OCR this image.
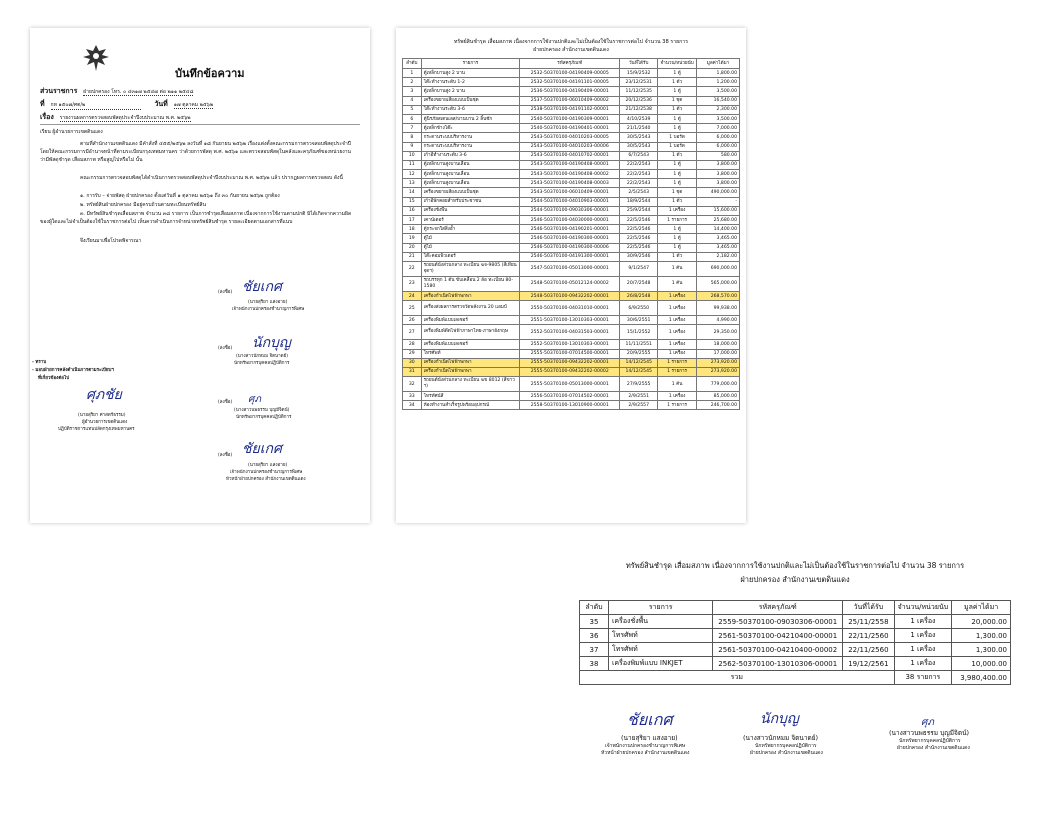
บันทึกข้อความ
ส่วนราชการ ฝ่ายปกครอง โทร. ๐ ๔๓๑๗ ๒๕๔๗ ต่อ ๒๑๑ ๒๕๔๘
ที่ กท ๑๕๐๗/ศต/๒	วันที่ ๑๗ ตุลาคม ๒๕๖๒
เรื่อง รายงานผลการตรวจสอบพัสดุประจำปีงบประมาณ พ.ศ. ๒๕๖๒
เรียน ผู้อำนวยการเขตดินแดง
ตามที่สำนักงานเขตดินแดง มีคำสั่งที่ ๔๕๕/๒๕๖๒ ลงวันที่ ๑๘ กันยายน ๒๕๖๒ เรื่องแต่งตั้งคณะกรรมการตรวจสอบพัสดุประจำปี โดยให้คณะกรรมการมีอำนาจหน้าที่ตามระเบียบกรุงเทพมหานคร ว่าด้วยการพัสดุ พ.ศ. ๒๕๖๑ และตรวจสอบพัสดุในคลังและครุภัณฑ์ของหน่วยงาน ว่ามีพัสดุชำรุด เสื่อมสภาพ หรือสูญไปหรือไม่ นั้น
คณะกรรมการตรวจสอบพัสดุได้ดำเนินการตรวจสอบพัสดุประจำปีงบประมาณ พ.ศ. ๒๕๖๒ แล้ว ปรากฏผลการตรวจสอบ ดังนี้
๑. การรับ – จ่ายพัสดุ ฝ่ายปกครอง ตั้งแต่วันที่ ๑ ตุลาคม ๒๕๖๑ ถึง ๓๐ กันยายน ๒๕๖๒ ถูกต้อง
๒. ทรัพย์สินฝ่ายปกครอง มีอยู่ครบถ้วนตามทะเบียนทรัพย์สิน
๓. มีทรัพย์สินชำรุดเสื่อมสภาพ จำนวน ๓๘ รายการ เป็นการชำรุดเสื่อมสภาพ เนื่องจากการใช้งานตามปกติ มิได้เกิดจากความผิดของผู้ใดและไม่จำเป็นต้องใช้ในราชการต่อไป เห็นควรดำเนินการจำหน่ายทรัพย์สินชำรุด รายละเอียดตามเอกสารที่แนบ
จึงเรียนมาเพื่อโปรดพิจารณา
(ลงชื่อ) ชัยเกศ
(นายสุริยา แสงอาย)
เจ้าพนักงานปกครองชำนาญการพิเศษ
(ลงชื่อ) นักบุญ
(นางสาวนักหมม จิตนาดย์)
นักทรัพยากรบุคคลปฏิบัติการ
- ทราบ
- มอบฝ่ายการคลังดำเนินการตามระเบียบฯ
ที่เกี่ยวข้องต่อไป
ศุภชัย
(นายสุริยา ศาสตร์ธรรม)
ผู้อำนวยการเขตดินแดง
ปฏิบัติราชการแทนปลัดกรุงเทพมหานคร
(ลงชื่อ) ศุภ
(นางสาวนพธรรม บุญมีจิตน์)
นักทรัพยากรบุคคลปฏิบัติการ
(ลงชื่อ) ชัยเกศ
(นายสุริยา แสงอาย)
เจ้าพนักงานปกครองชำนาญการพิเศษ
หัวหน้าฝ่ายปกครอง สำนักงานเขตดินแดง
ทรัพย์สินชำรุด เสื่อมสภาพ เนื่องจากการใช้งานปกติและไม่เป็นต้องใช้ในราชการต่อไป จำนวน 38 รายการ
ฝ่ายปกครอง สำนักงานเขตดินแดง
ลำดับ	รายการ	รหัสครุภัณฑ์	วันที่ได้รับ	จำนวน/หน่วยนับ	มูลค่าได้มา
1	ตู้เหล็กบานสูง 2 บาน	2532-50370100-04190409-00005	15/9/2532	1 ตู้	1,800.00
2	โต๊ะทำงานระดับ 1-2	2532-50370100-04191101-00005	23/12/2531	1 ตัว	1,200.00
3	ตู้เหล็กบานสูง 2 บาน	2536-50370100-04190409-00001	11/12/2535	1 ตู้	3,500.00
4	เครื่องขยายเสียงแบบเป็นชุด	2537-50370100-06010409-00002	20/12/2536	1 ชุด	16,540.00
5	โต๊ะทำงานระดับ 3-6	2538-50370100-04191102-00001	21/12/2538	1 ตัว	2,300.00
6	ตู้นิรภัยสเตนเลส/บานบาน 2 ลิ้นชัก	2540-50370100-04190309-00001	4/10/2539	1 ตู้	3,500.00
7	ตู้เหล็กข้างโต๊ะ	2540-50370100-04190401-00001	21/1/2540	1 ตู้	7,000.00
8	กระดานระบบบริหารงาน	2543-50370100-04010203-00005	30/5/2543	1 บอร์ด	6,000.00
9	กระดานระบบบริหารงาน	2543-50370100-04010203-00006	30/5/2543	1 บอร์ด	6,000.00
10	เก้าอี้ทำงานระดับ 3-6	2543-50370100-04010702-00001	6/7/2543	1 ตัว	580.00
11	ตู้เหล็กบานสูงบานเลื่อน	2543-50370100-04190408-00001	22/2/2543	1 ตู้	3,800.00
12	ตู้เหล็กบานสูงบานเลื่อน	2543-50370100-04190408-00002	22/2/2543	1 ตู้	3,800.00
13	ตู้เหล็กบานสูงบานเลื่อน	2543-50370100-04190408-00003	22/2/2543	1 ตู้	3,800.00
14	เครื่องขยายเสียงแบบเป็นชุด	2543-50370100-06010409-00001	2/5/2543	1 ชุด	490,000.00
15	เก้าอี้พักคอยสำหรับประชาชน	2544-50370100-04010903-00001	18/9/2544	1 ตัว	-
16	เครื่องชั่งพื้น	2544-50370100-09030306-00001	25/9/2544	1 เครื่อง	15,600.00
17	เคาน์เตอร์	2546-50370100-04030000-00001	22/5/2546	1 รายการ	25,680.00
18	ตู้กระจกใส่สิ่งอ้ำ	2546-50370100-04190201-00001	22/5/2546	1 ตู้	14,400.00
19	ตู้ไม้	2546-50370100-04190300-00001	22/5/2546	1 ตู้	3,465.00
20	ตู้ไม้	2546-50370100-04190300-00006	22/5/2546	1 ตู้	3,465.00
21	โต๊ะคอมพิวเตอร์	2546-50370100-04191300-00001	30/9/2546	1 ตัว	2,182.00
22	รถยนต์นั่งส่วนกลาง ทะเบียน ฆจ-9805 (สีเทียนจุดฯ)	2547-50370100-05013000-00001	9/1/2547	1 คัน	690,000.00
23	รถบรรทุก 1 ตัน ขับเคลื่อน 2 ล้อ ทะเบียน 80-1580	2548-50370100-05012124-00002	20/7/2548	1 คัน	565,000.00
24	เครื่องกำเนิดไฟฟ้าพกพา	2548-50370100-09432202-00001	26/8/2548	1 เครื่อง	268,570.00
25	เครื่องส่งผลการตรวจวัดพลังงาน 20 แอมป์	2550-50370100-04031010-00001	6/9/2550	1 เครื่อง	99,938.00
26	เครื่องพิมพ์แบบเลเซอร์	2551-50370100-13010303-00001	30/6/2551	1 เครื่อง	4,990.00
27	เครื่องพิมพ์ดีดไฟฟ้าภาษาไทย-ภาษาอังกฤษ	2552-50370100-04031503-00001	15/1/2552	1 เครื่อง	29,350.00
28	เครื่องพิมพ์แบบเลเซอร์	2552-50370100-13010303-00001	11/11/2551	1 เครื่อง	18,000.00
29	โทรศัพท์	2555-50370100-07014500-00001	20/9/2555	1 เครื่อง	17,000.00
30	เครื่องกำเนิดไฟฟ้าพกพา	2555-50370100-09432202-00001	14/12/2545	1 รายการ	273,920.00
31	เครื่องกำเนิดไฟฟ้าพกพา	2555-50370100-09432202-00002	14/12/2545	1 รายการ	273,920.00
32	รถยนต์นั่งส่วนกลาง ทะเบียน ฆข 8012 (สีขาว ฯ)	2555-50370100-05013000-00001	27/9/2555	1 คัน	779,000.00
33	โทรทัศน์สี	2556-50370100-07014502-00001	2/9/2551	1 เครื่อง	85,000.00
34	ห้องทำงานสำเร็จรูปพร้อมอุปกรณ์	2558-50370100-13010900-00001	2/9/2557	1 รายการ	246,700.00
ทรัพย์สินชำรุด เสื่อมสภาพ เนื่องจากการใช้งานปกติและไม่เป็นต้องใช้ในราชการต่อไป จำนวน 38 รายการ
ฝ่ายปกครอง สำนักงานเขตดินแดง
ลำดับ	รายการ	รหัสครุภัณฑ์	วันที่ได้รับ	จำนวน/หน่วยนับ	มูลค่าได้มา
35	เครื่องชั่งพื้น	2559-50370100-09030306-00001	25/11/2558	1 เครื่อง	20,000.00
36	โทรศัพท์	2561-50370100-04210400-00001	22/11/2560	1 เครื่อง	1,300.00
37	โทรศัพท์	2561-50370100-04210400-00002	22/11/2560	1 เครื่อง	1,300.00
38	เครื่องพิมพ์แบบ INKJET	2562-50370100-13010306-00001	19/12/2561	1 เครื่อง	10,000.00
รวม				38 รายการ	3,980,400.00
ชัยเกศ
(นายสุริยา แสงอาย)
เจ้าพนักงานปกครองชำนาญการพิเศษ
หัวหน้าฝ่ายปกครอง สำนักงานเขตดินแดง
นักบุญ
(นางสาวนักหมม จิตนาดย์)
นักทรัพยากรบุคคลปฏิบัติการ
ฝ่ายปกครอง สำนักงานเขตดินแดง
ศุภ
(นางสาวนพธรรม บุญมีจิตน์)
นักทรัพยากรบุคคลปฏิบัติการ
ฝ่ายปกครอง สำนักงานเขตดินแดง
